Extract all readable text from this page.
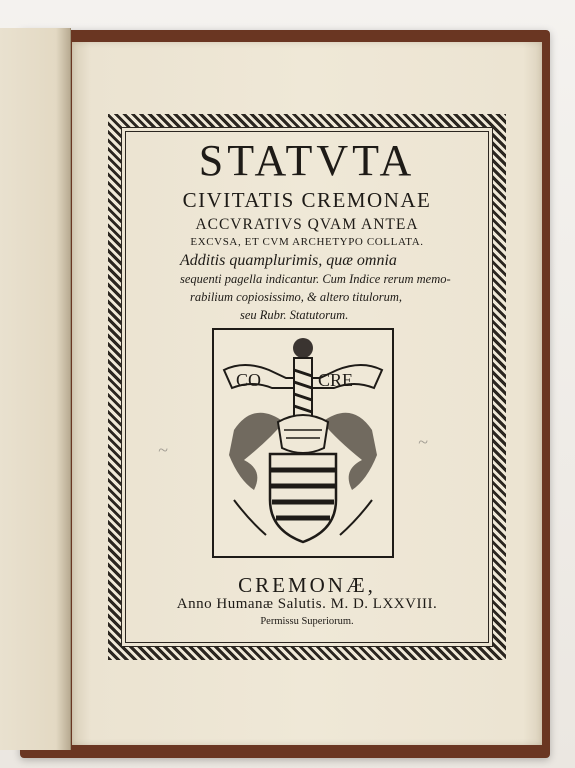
STATVTA
CIVITATIS CREMONAE
ACCVRATIVS QVAM ANTEA
EXCVSA, ET CVM ARCHETYPO COLLATA.
Additis quamplurimis, quæ omnia
sequenti pagella indicantur. Cum Indice rerum memo-
rabilium copiosissimo, & altero titulorum,
seu Rubr. Statutorum.
CO	CRE
CREMONÆ,
Anno Humanæ Salutis. M. D. LXXVIII.
Permissu Superiorum.
~	~
